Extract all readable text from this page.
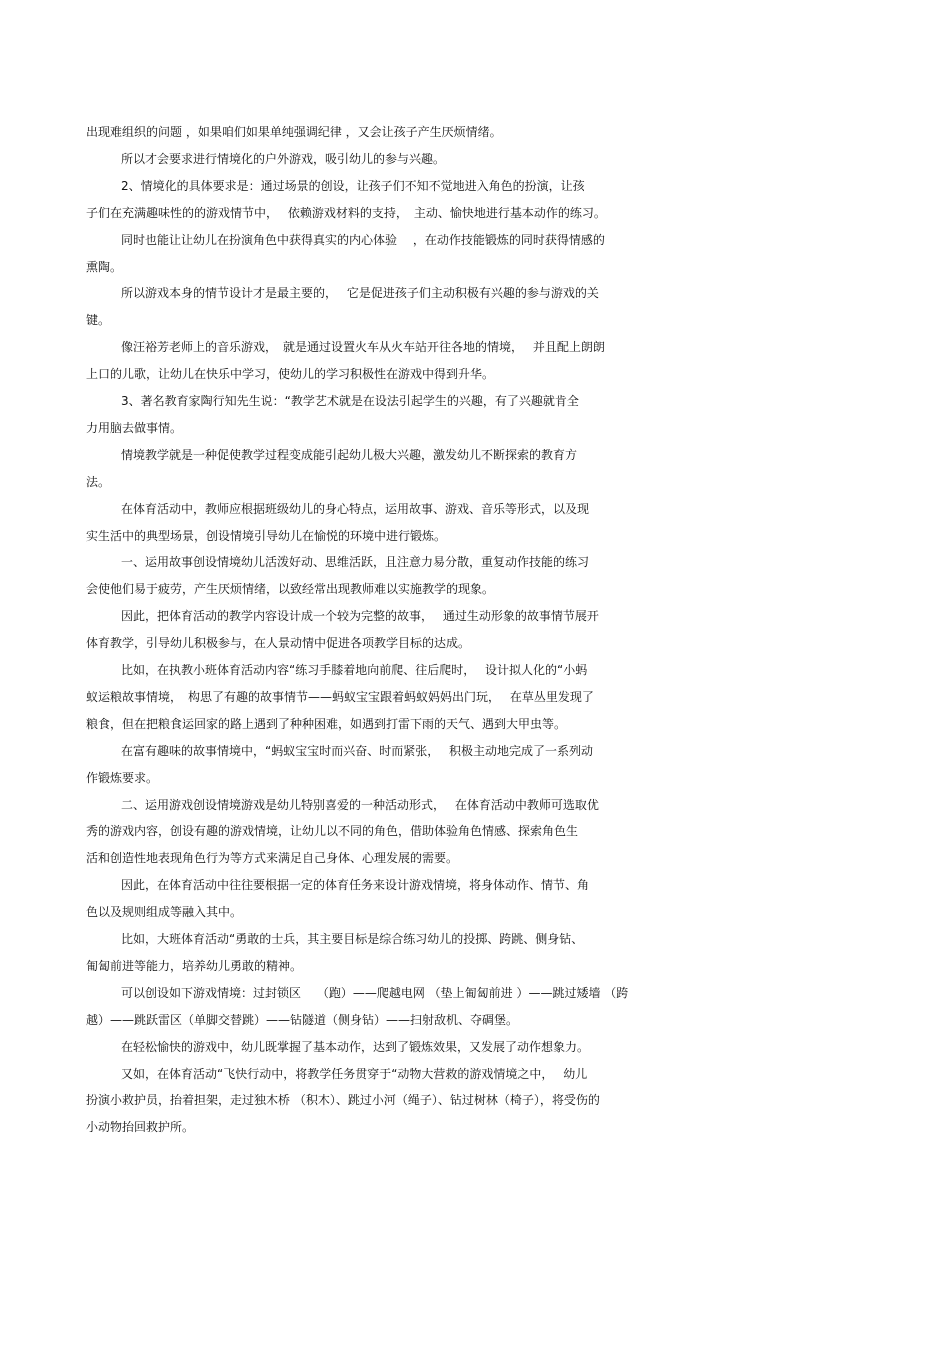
出现难组织的问题 ，如果咱们如果单纯强调纪律 ，又会让孩子产生厌烦情绪。
所以才会要求进行情境化的户外游戏，吸引幼儿的参与兴趣。
2、情境化的具体要求是：通过场景的创设，让孩子们不知不觉地进入角色的扮演，让孩
子们在充满趣味性的的游戏情节中，　 依赖游戏材料的支持，　主动、愉快地进行基本动作的练习。
同时也能让让幼儿在扮演角色中获得真实的内心体验　 ，在动作技能锻炼的同时获得情感的
熏陶。
所以游戏本身的情节设计才是最主要的，　 它是促进孩子们主动积极有兴趣的参与游戏的关
键。
像汪裕芳老师上的音乐游戏，　就是通过设置火车从火车站开往各地的情境，　 并且配上朗朗
上口的儿歌，让幼儿在快乐中学习，使幼儿的学习积极性在游戏中得到升华。
3、著名教育家陶行知先生说：“教学艺术就是在设法引起学生的兴趣，有了兴趣就肯全
力用脑去做事情。
情境教学就是一种促使教学过程变成能引起幼儿极大兴趣，激发幼儿不断探索的教育方
法。
在体育活动中，教师应根据班级幼儿的身心特点，运用故事、游戏、音乐等形式，以及现
实生活中的典型场景，创设情境引导幼儿在愉悦的环境中进行锻炼。
一、运用故事创设情境幼儿活泼好动、思维活跃，且注意力易分散，重复动作技能的练习
会使他们易于疲劳，产生厌烦情绪，以致经常出现教师难以实施教学的现象。
因此，把体育活动的教学内容设计成一个较为完整的故事，　 通过生动形象的故事情节展开
体育教学，引导幼儿积极参与，在人景动情中促进各项教学目标的达成。
比如，在执教小班体育活动内容“练习手膝着地向前爬、往后爬时，　 设计拟人化的“小蚂
蚁运粮故事情境，　构思了有趣的故事情节——蚂蚁宝宝跟着蚂蚁妈妈出门玩，　 在草丛里发现了
粮食，但在把粮食运回家的路上遇到了种种困难，如遇到打雷下雨的天气、遇到大甲虫等。
在富有趣味的故事情境中，“蚂蚁宝宝时而兴奋、时而紧张，　 积极主动地完成了一系列动
作锻炼要求。
二、运用游戏创设情境游戏是幼儿特别喜爱的一种活动形式，　 在体育活动中教师可选取优
秀的游戏内容，创设有趣的游戏情境，让幼儿以不同的角色，借助体验角色情感、探索角色生
活和创造性地表现角色行为等方式来满足自己身体、心理发展的需要。
因此，在体育活动中往往要根据一定的体育任务来设计游戏情境，将身体动作、情节、角
色以及规则组成等融入其中。
比如，大班体育活动“勇敢的士兵，其主要目标是综合练习幼儿的投掷、跨跳、侧身钻、
匍匐前进等能力，培养幼儿勇敢的精神。
可以创设如下游戏情境：过封锁区　 （跑）——爬越电网 （垫上匍匐前进 ）——跳过矮墙 （跨
越）——跳跃雷区（单脚交替跳）——钻隧道（侧身钻）——扫射敌机、夺碉堡。
在轻松愉快的游戏中，幼儿既掌握了基本动作，达到了锻炼效果，又发展了动作想象力。
又如，在体育活动“飞快行动中，将教学任务贯穿于“动物大营救的游戏情境之中，　 幼儿
扮演小救护员，抬着担架，走过独木桥 （积木）、跳过小河（绳子）、钻过树林（椅子），将受伤的
小动物抬回救护所。
